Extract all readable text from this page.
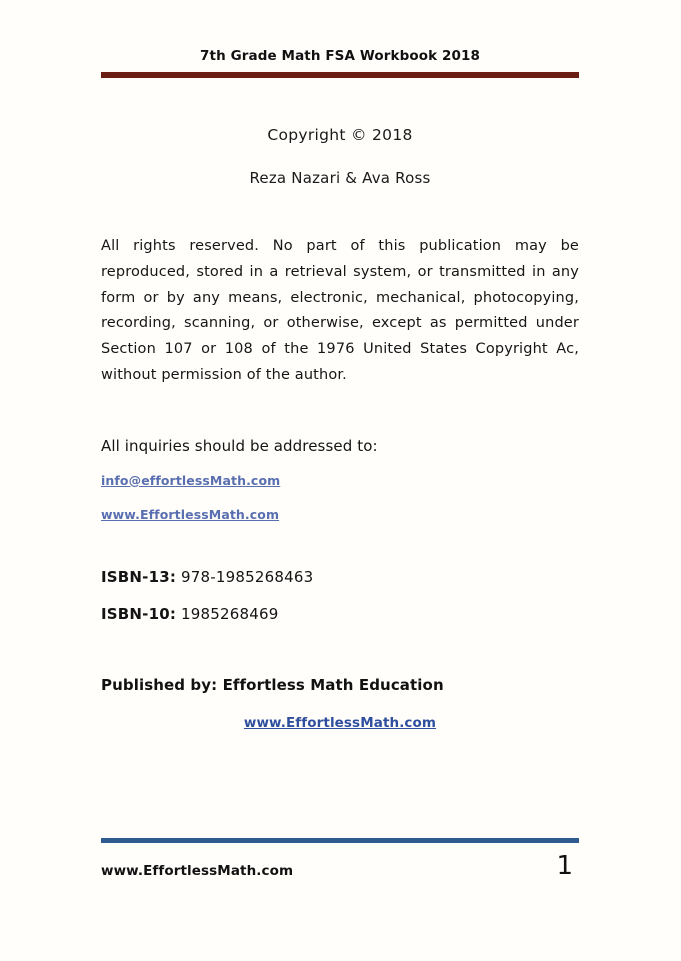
7th Grade Math FSA Workbook 2018
Copyright © 2018
Reza Nazari & Ava Ross
All rights reserved. No part of this publication may be reproduced, stored in a retrieval system, or transmitted in any form or by any means, electronic, mechanical, photocopying, recording, scanning, or otherwise, except as permitted under Section 107 or 108 of the 1976 United States Copyright Ac, without permission of the author.
All inquiries should be addressed to:
info@effortlessMath.com
www.EffortlessMath.com
ISBN-13: 978-1985268463
ISBN-10: 1985268469
Published by: Effortless Math Education
www.EffortlessMath.com
www.EffortlessMath.com	1
